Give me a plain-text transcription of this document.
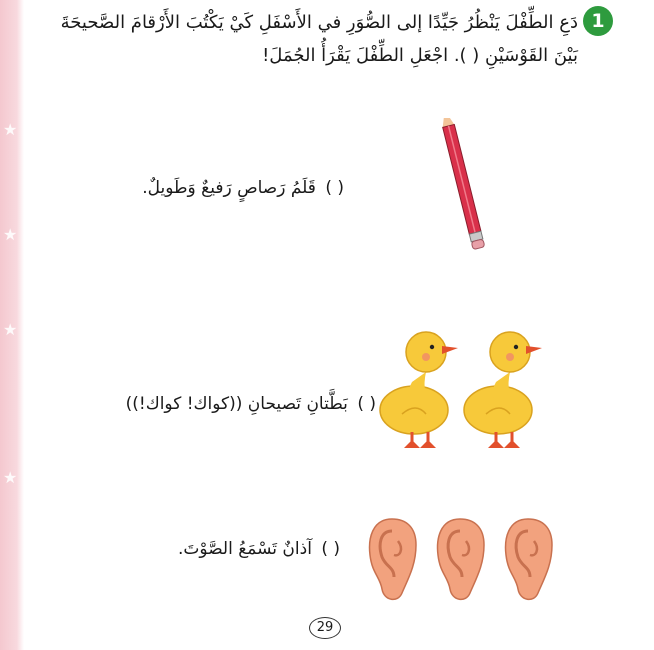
★
★
★
★
1
دَعِ الطِّفْلَ يَنْظُرُ جَيِّدًا إلى الصُّوَرِ في الأَسْفَلِ كَيْ يَكْتُبَ الأَرْقامَ الصَّحيحَةَ بَيْنَ القَوْسَيْنِ ( ). اجْعَلِ الطِّفْلَ يَقْرَأُ الجُمَلَ!
( ) قَلَمُ رَصاصٍ رَفيعٌ وَطَويلٌ.
( ) بَطَّتانِ تَصيحانِ ((كواك! كواك!))
( ) آذانٌ تَسْمَعُ الصَّوْتَ.
29
